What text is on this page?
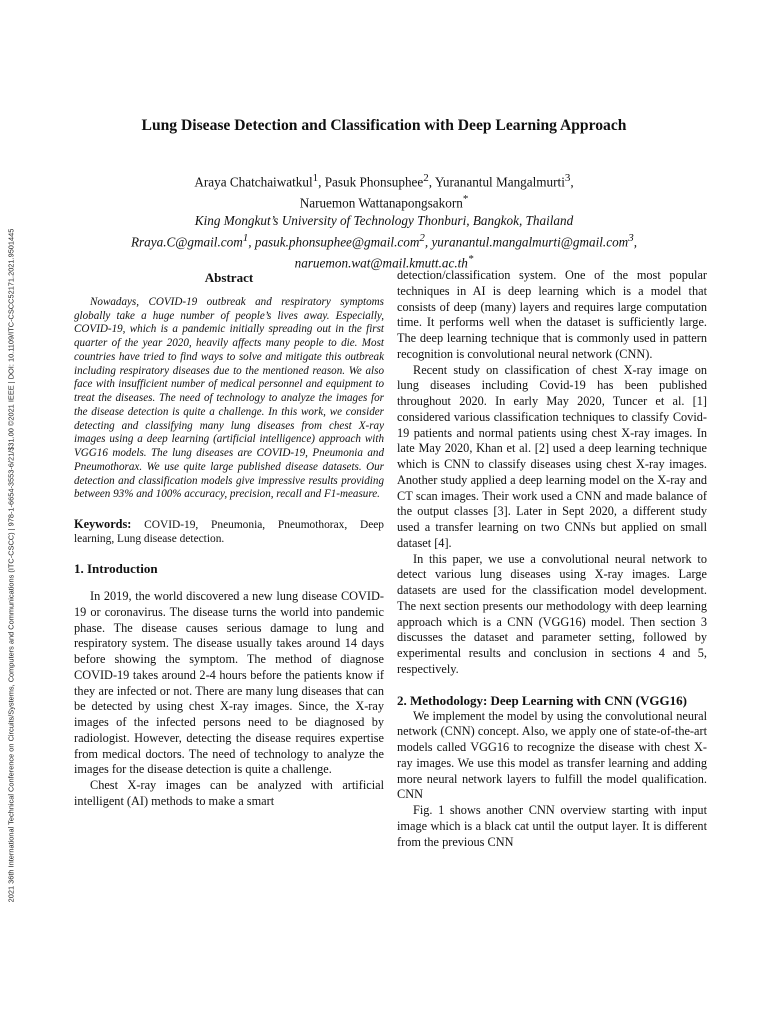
2021 36th International Technical Conference on Circuits/Systems, Computers and Communications (ITC-CSCC) | 978-1-6654-3553-6/21/$31.00 ©2021 IEEE | DOI: 10.1109/ITC-CSCC52171.2021.9501445
Lung Disease Detection and Classification with Deep Learning Approach
Araya Chatchaiwatkul$^1$, Pasuk Phonsuphee$^2$, Yuranantul Mangalmurti$^3$,
Naruemon Wattanapongsakorn*
King Mongkut’s University of Technology Thonburi, Bangkok, Thailand
Rraya.C@gmail.com$^1$, pasuk.phonsuphee@gmail.com$^2$, yuranantul.mangalmurti@gmail.com$^3$,
naruemon.wat@mail.kmutt.ac.th*
Abstract

Nowadays, COVID-19 outbreak and respiratory symptoms globally take a huge number of people’s lives away. Especially, COVID-19, which is a pandemic initially spreading out in the first quarter of the year 2020, heavily affects many people to die. Most countries have tried to find ways to solve and mitigate this outbreak including respiratory diseases due to the mentioned reason. We also face with insufficient number of medical personnel and equipment to treat the diseases. The need of technology to analyze the images for the disease detection is quite a challenge. In this work, we consider detecting and classifying many lung diseases from chest X-ray images using a deep learning (artificial intelligence) approach with VGG16 models. The lung diseases are COVID-19, Pneumonia and Pneumothorax. We use quite large published disease datasets. Our detection and classification models give impressive results providing between 93% and 100% accuracy, precision, recall and F1-measure.

Keywords: COVID-19, Pneumonia, Pneumothorax, Deep learning, Lung disease detection.

1. Introduction

In 2019, the world discovered a new lung disease COVID-19 or coronavirus. The disease turns the world into pandemic phase. The disease causes serious damage to lung and respiratory system. The disease usually takes around 14 days before showing the symptom. The method of diagnose COVID-19 takes around 2-4 hours before the patients know if they are infected or not. There are many lung diseases that can be detected by using chest X-ray images. Since, the X-ray images of the infected persons need to be diagnosed by radiologist. However, detecting the disease requires expertise from medical doctors. The need of technology to analyze the images for the disease detection is quite a challenge.

Chest X-ray images can be analyzed with artificial intelligent (AI) methods to make a smart

detection/classification system. One of the most popular techniques in AI is deep learning which is a model that consists of deep (many) layers and requires large computation time. It performs well when the dataset is sufficiently large. The deep learning technique that is commonly used in pattern recognition is convolutional neural network (CNN).

Recent study on classification of chest X-ray image on lung diseases including Covid-19 has been published throughout 2020. In early May 2020, Tuncer et al. [1] considered various classification techniques to classify Covid-19 patients and normal patients using chest X-ray images. In late May 2020, Khan et al. [2] used a deep learning technique which is CNN to classify diseases using chest X-ray images. Another study applied a deep learning model on the X-ray and CT scan images. Their work used a CNN and made balance of the output classes [3]. Later in Sept 2020, a different study used a transfer learning on two CNNs but applied on small dataset [4].

In this paper, we use a convolutional neural network to detect various lung diseases using X-ray images. Large datasets are used for the classification model development. The next section presents our methodology with deep learning approach which is a CNN (VGG16) model. Then section 3 discusses the dataset and parameter setting, followed by experimental results and conclusion in sections 4 and 5, respectively.

2. Methodology: Deep Learning with CNN (VGG16)

We implement the model by using the convolutional neural network (CNN) concept. Also, we apply one of state-of-the-art models called VGG16 to recognize the disease with chest X- ray images. We use this model as transfer learning and adding more neural network layers to fulfill the model qualification. CNN

Fig. 1 shows another CNN overview starting with input image which is a black cat until the output layer. It is different from the previous CNN
